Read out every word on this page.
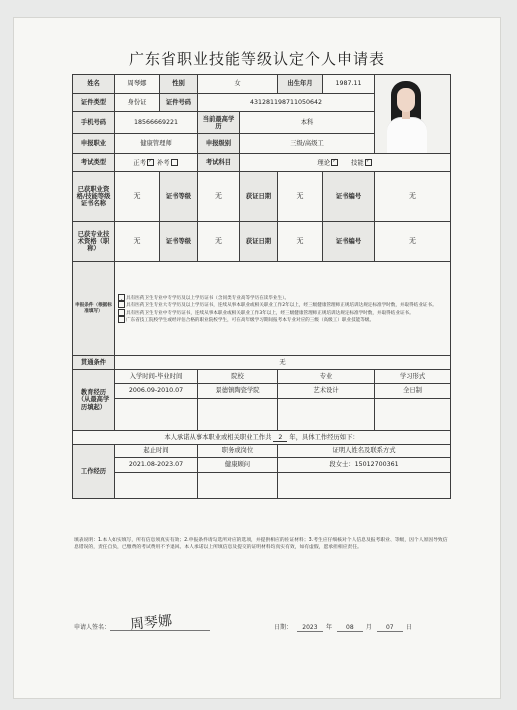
广东省职业技能等级认定个人申请表
姓名	周琴娜	性别	女		出生年月	1987.11	

证件类型	身份证	证件号码	431281198711050642				
手机号码	18566669221		当前最高学历	本科			
申报职业	健康管理师		申报级别	三级/高级工			
考试类型	正考 ✓ 补考		考试科目	理论 ✓ 技能✓
已获职业资格/技能等级证书名称	无	证书等级	无	获证日期	无	证书编号	无
已获专业技术资格（职称）	无	证书等级	无	获证日期	无	证书编号	无
申报条件（根据标准填写）	具有医药卫生专业中专学历及以上学历证书（含同类专业高等学历在读毕业生）。
✓具有医药卫生专业大专学历及以上学历证书，连续从事本职业或相关职业工作2年以上，经三级健康管理师正规培训达规定标准学时数，并取得结业证书。
具有医药卫生专业中专学历证书，连续从事本职业或相关职业工作3年以上，经三级健康管理师正规培训达规定标准学时数，并取得结业证书。
广东省技工院校学生或经评估合格的职业院校学生，可在高年级学习期间报考本专业对应的三级（高级工）职业技能等级。

贯通条件	无						
教育经历（从最高学历填起）	入学时间-毕业时间		院校		专业		学习形式
	2006.09-2010.07		景德镇陶瓷学院		艺术设计		全日制

本人承诺从事本职业或相关职业工作共 2 年，具体工作经历如下：							
工作经历	起止时间		职务或岗位		证明人姓名及联系方式		
	2021.08-2023.07		健康顾问		段女士：15012700361		

填表说明：1.本人如实填写，所有信息须真实有效；2.申报条件请勾选所对应的选项，并提供相应的佐证材料；3.考生应仔细核对个人信息及报考职业、等级，因个人原因导致信息错误的，责任自负，已缴费的考试费用不予退回。本人承诺以上所填信息及提交的证明材料均真实有效，如有虚假，愿承担相应责任。
申请人签名： 周琴娜	日期： 2023 年 08 月 07 日
